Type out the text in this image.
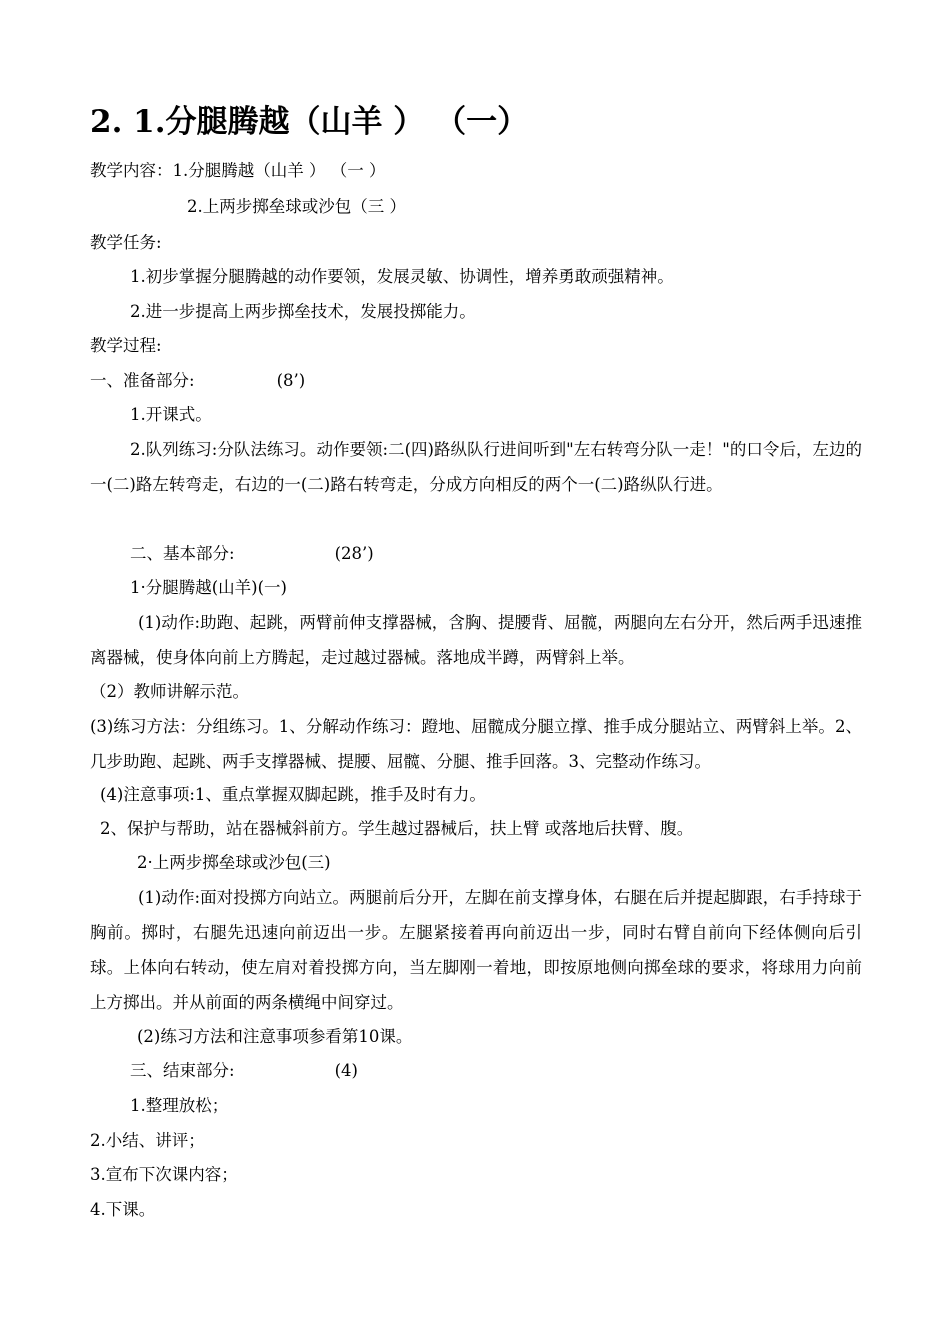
2. 1.分腿腾越（山羊 ） （一）
教学内容：1.分腿腾越（山羊 ） （一 ）
2.上两步掷垒球或沙包（三 ）
教学任务:
1.初步掌握分腿腾越的动作要领，发展灵敏、协调性，增养勇敢顽强精神。
2.进一步提高上两步掷垒技术，发展投掷能力。
教学过程:
一、准备部分:	(8’)
1.开课式。
2.队列练习:分队法练习。动作要领:二(四)路纵队行进间听到"左右转弯分队一走！"的口令后，左边的一(二)路左转弯走，右边的一(二)路右转弯走，分成方向相反的两个一(二)路纵队行进。
二、基本部分:	(28’)
1·分腿腾越(山羊)(一)
(1)动作:助跑、起跳，两臂前伸支撑器械，含胸、提腰背、屈髋，两腿向左右分开，然后两手迅速推离器械，使身体向前上方腾起，走过越过器械。落地成半蹲，两臂斜上举。
（2）教师讲解示范。
(3)练习方法：分组练习。1、分解动作练习：蹬地、屈髋成分腿立撑、推手成分腿站立、两臂斜上举。2、几步助跑、起跳、两手支撑器械、提腰、屈髋、分腿、推手回落。3、完整动作练习。
(4)注意事项:1、重点掌握双脚起跳，推手及时有力。
2、保护与帮助，站在器械斜前方。学生越过器械后，扶上臂 或落地后扶臂、腹。
2·上两步掷垒球或沙包(三)
(1)动作:面对投掷方向站立。两腿前后分开，左脚在前支撑身体，右腿在后并提起脚跟，右手持球于胸前。掷时，右腿先迅速向前迈出一步。左腿紧接着再向前迈出一步，同时右臂自前向下经体侧向后引球。上体向右转动，使左肩对着投掷方向，当左脚刚一着地，即按原地侧向掷垒球的要求，将球用力向前上方掷出。并从前面的两条横绳中间穿过。
(2)练习方法和注意事项参看第10课。
三、结束部分:	(4)
1.整理放松；
2.小结、讲评；
3.宣布下次课内容；
4.下课。
